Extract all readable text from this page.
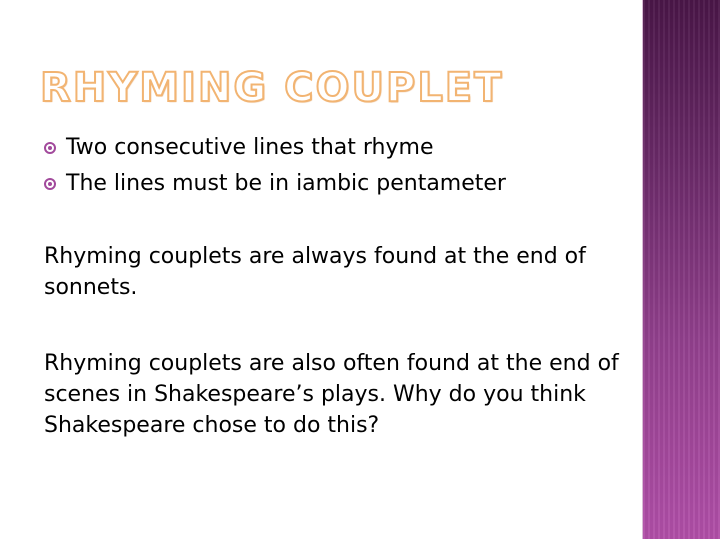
RHYMING COUPLET
Two consecutive lines that rhyme
The lines must be in iambic pentameter

Rhyming couplets are always found at the end of sonnets.

Rhyming couplets are also often found at the end of scenes in Shakespeare’s plays. Why do you think Shakespeare chose to do this?
